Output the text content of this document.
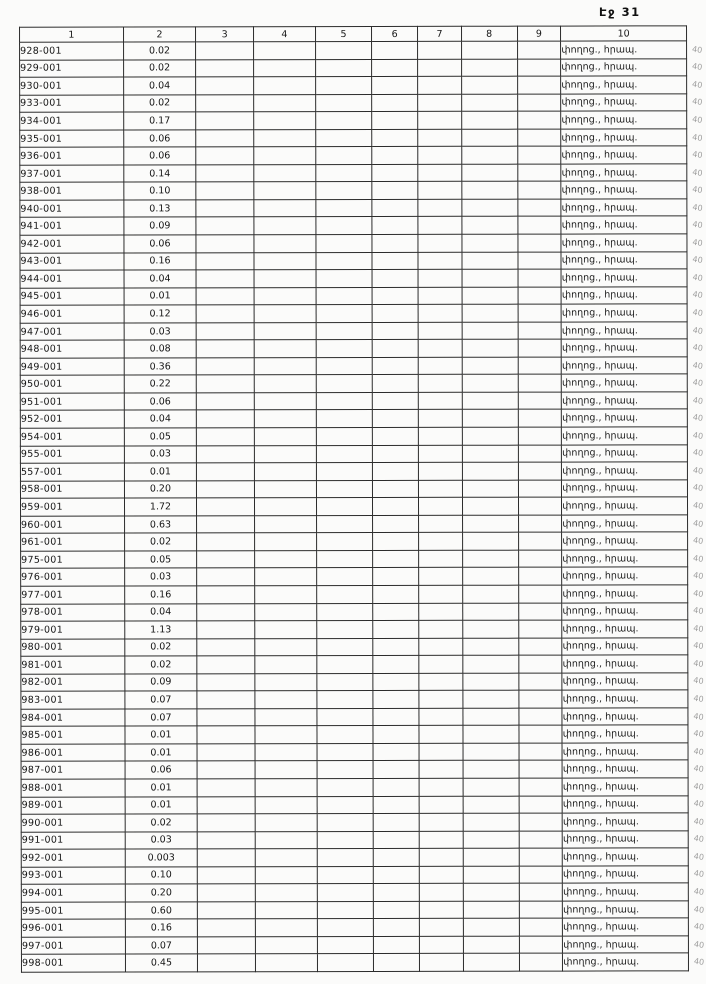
Էջ 31
1	2	3	4	5	6	7	8	9	10	
928-001	0.02								փողոց., հրապ.	40
929-001	0.02								փողոց., հրապ.	40
930-001	0.04								փողոց., հրապ.	40
933-001	0.02								փողոց., հրապ.	40
934-001	0.17								փողոց., հրապ.	40
935-001	0.06								փողոց., հրապ.	40
936-001	0.06								փողոց., հրապ.	40
937-001	0.14								փողոց., հրապ.	40
938-001	0.10								փողոց., հրապ.	40
940-001	0.13								փողոց., հրապ.	40
941-001	0.09								փողոց., հրապ.	40
942-001	0.06								փողոց., հրապ.	40
943-001	0.16								փողոց., հրապ.	40
944-001	0.04								փողոց., հրապ.	40
945-001	0.01								փողոց., հրապ.	40
946-001	0.12								փողոց., հրապ.	40
947-001	0.03								փողոց., հրապ.	40
948-001	0.08								փողոց., հրապ.	40
949-001	0.36								փողոց., հրապ.	40
950-001	0.22								փողոց., հրապ.	40
951-001	0.06								փողոց., հրապ.	40
952-001	0.04								փողոց., հրապ.	40
954-001	0.05								փողոց., հրապ.	40
955-001	0.03								փողոց., հրապ.	40
557-001	0.01								փողոց., հրապ.	40
958-001	0.20								փողոց., հրապ.	40
959-001	1.72								փողոց., հրապ.	40
960-001	0.63								փողոց., հրապ.	40
961-001	0.02								փողոց., հրապ.	40
975-001	0.05								փողոց., հրապ.	40
976-001	0.03								փողոց., հրապ.	40
977-001	0.16								փողոց., հրապ.	40
978-001	0.04								փողոց., հրապ.	40
979-001	1.13								փողոց., հրապ.	40
980-001	0.02								փողոց., հրապ.	40
981-001	0.02								փողոց., հրապ.	40
982-001	0.09								փողոց., հրապ.	40
983-001	0.07								փողոց., հրապ.	40
984-001	0.07								փողոց., հրապ.	40
985-001	0.01								փողոց., հրապ.	40
986-001	0.01								փողոց., հրապ.	40
987-001	0.06								փողոց., հրապ.	40
988-001	0.01								փողոց., հրապ.	40
989-001	0.01								փողոց., հրապ.	40
990-001	0.02								փողոց., հրապ.	40
991-001	0.03								փողոց., հրապ.	40
992-001	0.003								փողոց., հրապ.	40
993-001	0.10								փողոց., հրապ.	40
994-001	0.20								փողոց., հրապ.	40
995-001	0.60								փողոց., հրապ.	40
996-001	0.16								փողոց., հրապ.	40
997-001	0.07								փողոց., հրապ.	40
998-001	0.45								փողոց., հրապ.	40
